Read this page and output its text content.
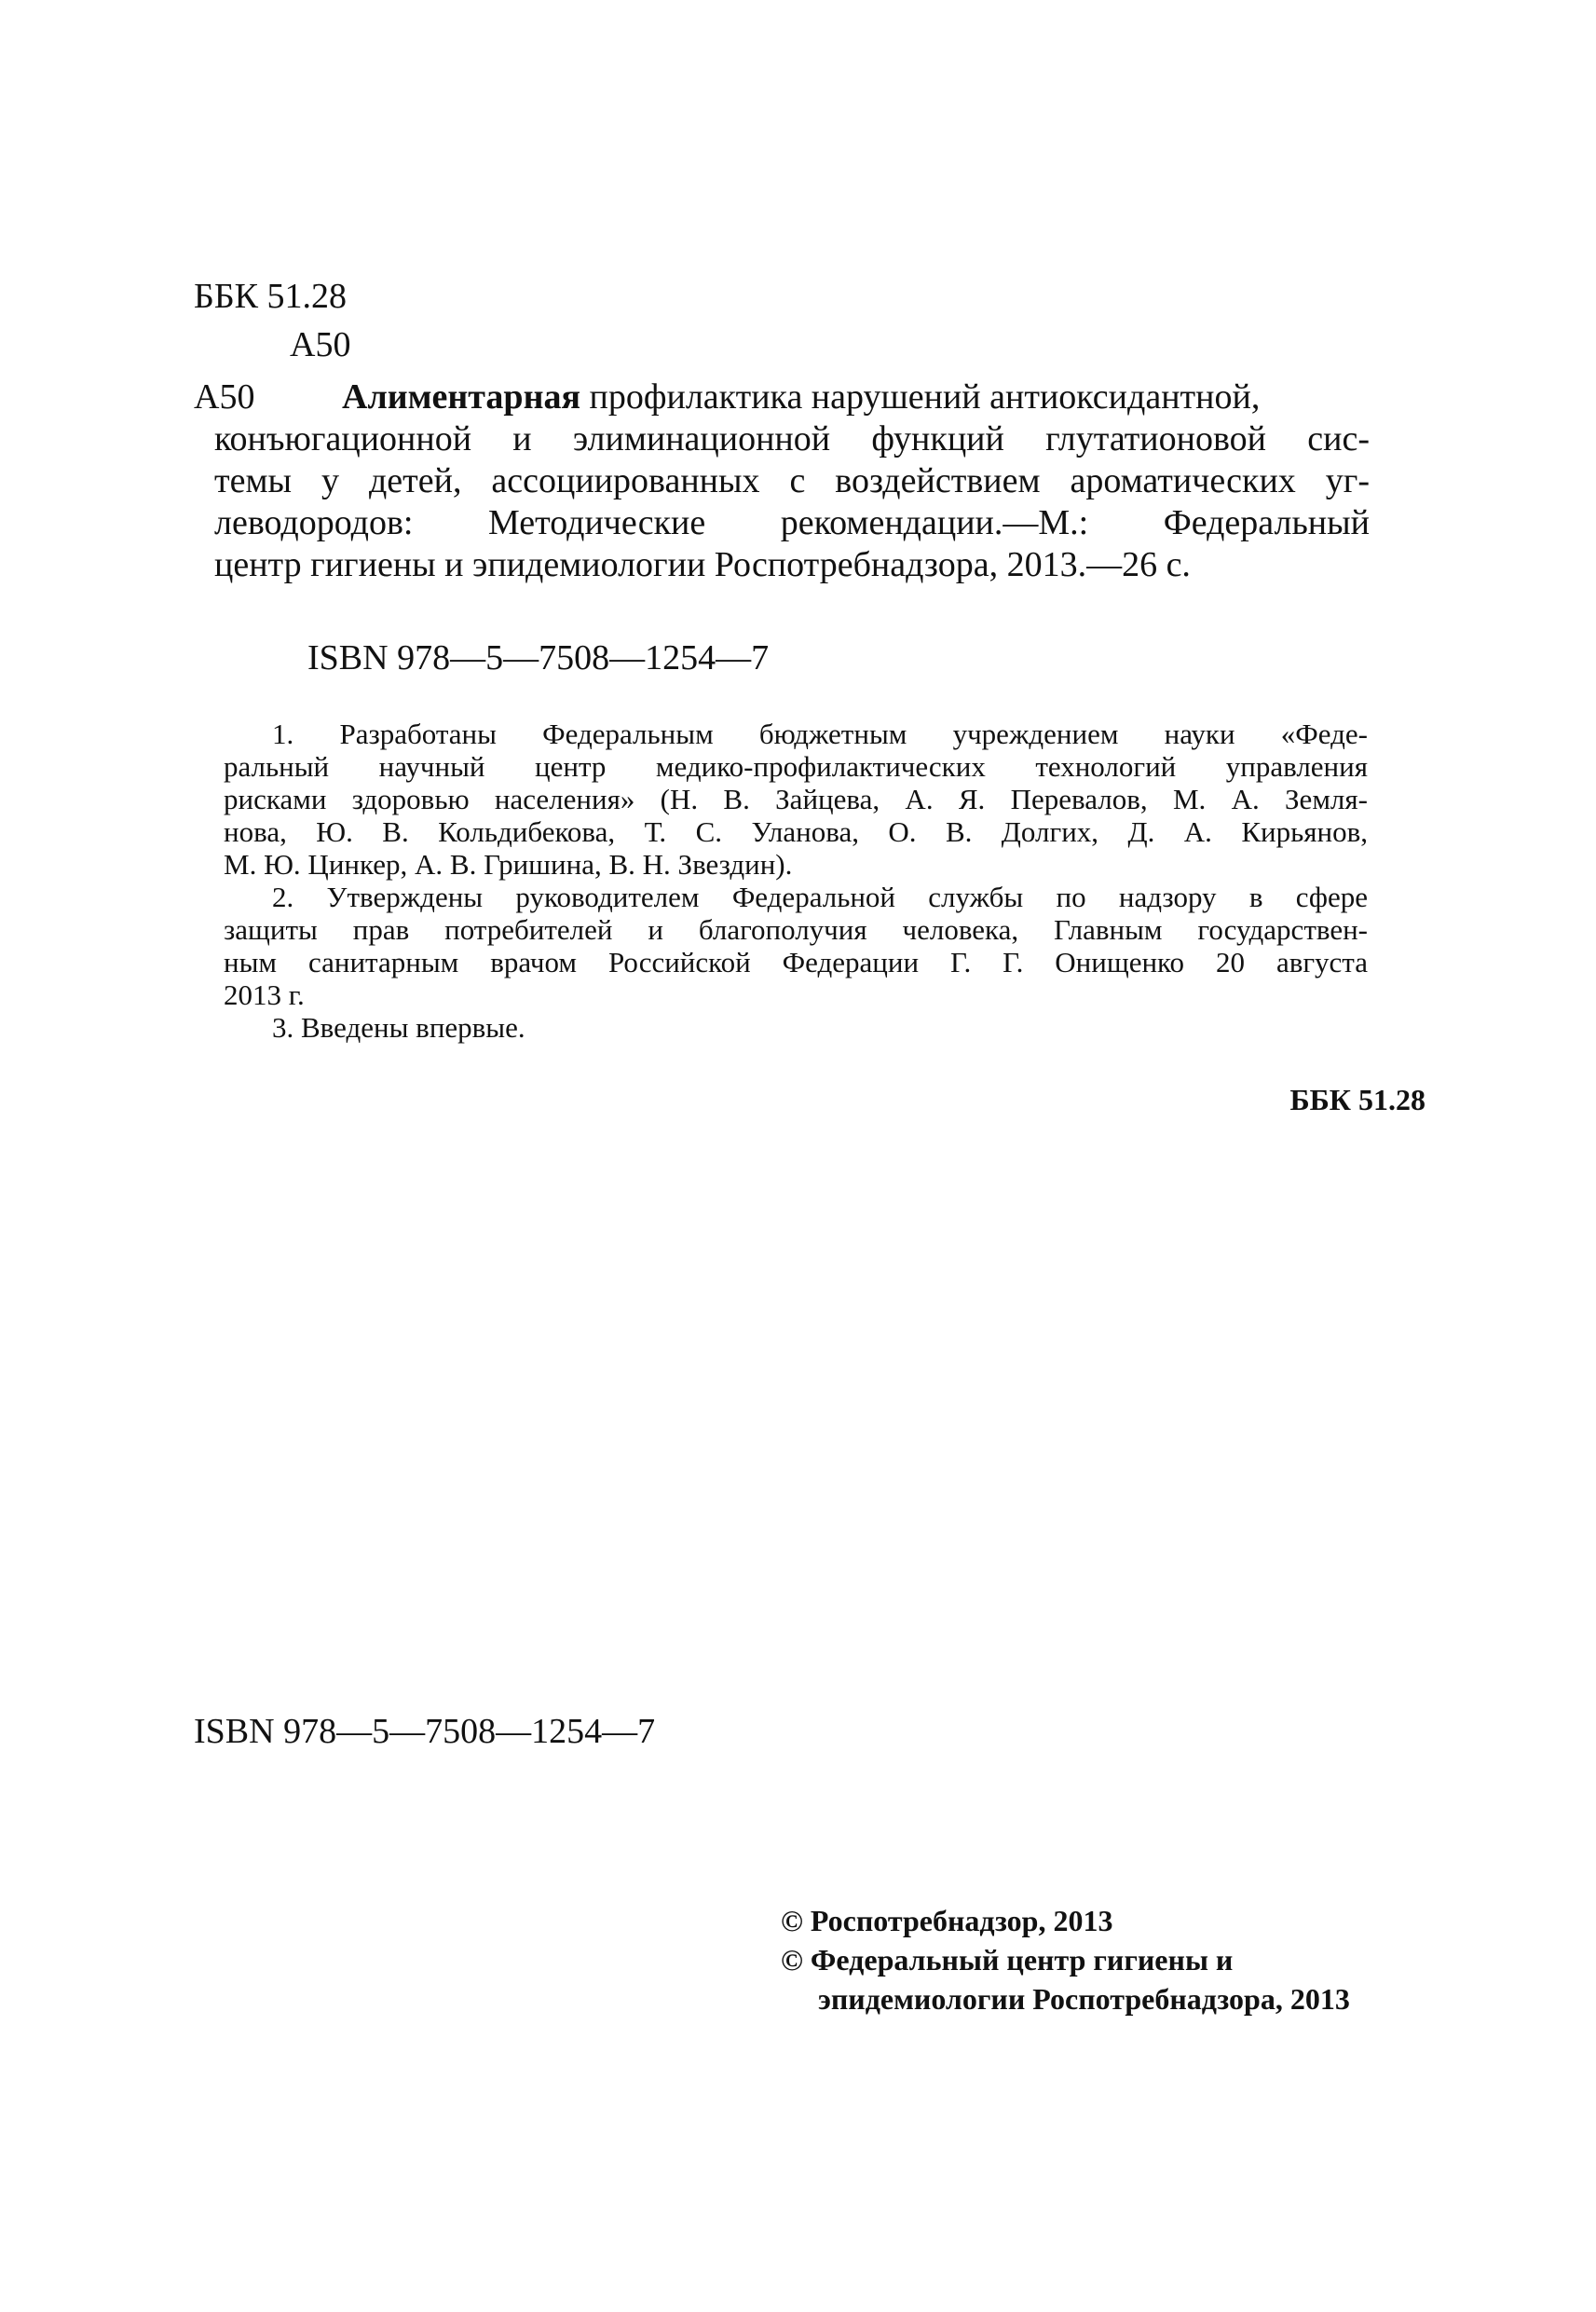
ББК 51.28
А50
А50 Алиментарная профилактика нарушений антиоксидантной,
конъюгационной и элиминационной функций глутатионовой сис-
темы у детей, ассоциированных с воздействием ароматических уг-
леводородов: Методические рекомендации.—М.: Федеральный
центр гигиены и эпидемиологии Роспотребнадзора, 2013.—26 с.
ISBN 978—5—7508—1254—7

1. Разработаны Федеральным бюджетным учреждением науки «Феде-
ральный научный центр медико-профилактических технологий управления
рисками здоровью населения» (Н. В. Зайцева, А. Я. Перевалов, М. А. Земля-
нова, Ю. В. Кольдибекова, Т. С. Уланова, О. В. Долгих, Д. А. Кирьянов,
М. Ю. Цинкер, А. В. Гришина, В. Н. Звездин).

2. Утверждены руководителем Федеральной службы по надзору в сфере
защиты прав потребителей и благополучия человека, Главным государствен-
ным санитарным врачом Российской Федерации Г. Г. Онищенко 20 августа
2013 г.

3. Введены впервые.

ББК 51.28
ISBN 978—5—7508—1254—7
© Роспотребнадзор, 2013
© Федеральный центр гигиены и
эпидемиологии Роспотребнадзора, 2013
